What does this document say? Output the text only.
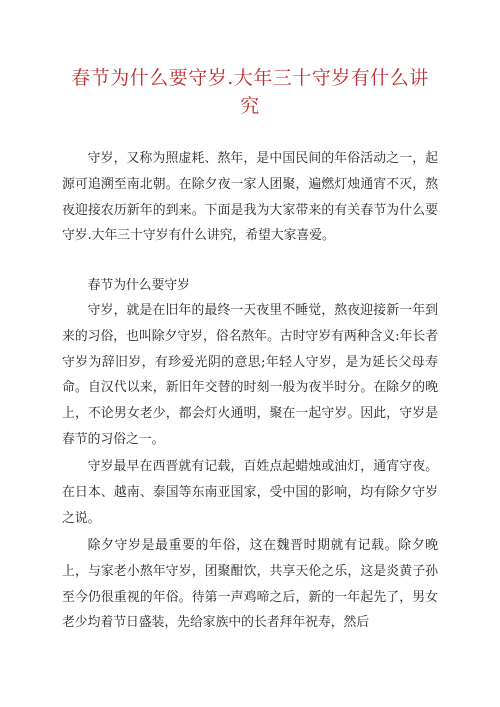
春节为什么要守岁.大年三十守岁有什么讲究

守岁，又称为照虚耗、熬年，是中国民间的年俗活动之一，起源可追溯至南北朝。在除夕夜一家人团聚，遍燃灯烛通宵不灭，熬夜迎接农历新年的到来。下面是我为大家带来的有关春节为什么要守岁.大年三十守岁有什么讲究，希望大家喜爱。

春节为什么要守岁

守岁，就是在旧年的最终一天夜里不睡觉，熬夜迎接新一年到来的习俗，也叫除夕守岁，俗名熬年。古时守岁有两种含义:年长者守岁为辞旧岁，有珍爱光阴的意思;年轻人守岁，是为延长父母寿命。自汉代以来，新旧年交替的时刻一般为夜半时分。在除夕的晚上，不论男女老少，都会灯火通明，聚在一起守岁。因此，守岁是春节的习俗之一。

守岁最早在西晋就有记载，百姓点起蜡烛或油灯，通宵守夜。在日本、越南、泰国等东南亚国家，受中国的影响，均有除夕守岁之说。

除夕守岁是最重要的年俗，这在魏晋时期就有记载。除夕晚上，与家老小熬年守岁，团聚酣饮，共享天伦之乐，这是炎黄子孙至今仍很重视的年俗。待第一声鸡啼之后，新的一年起先了，男女老少均着节日盛装，先给家族中的长者拜年祝寿，然后
